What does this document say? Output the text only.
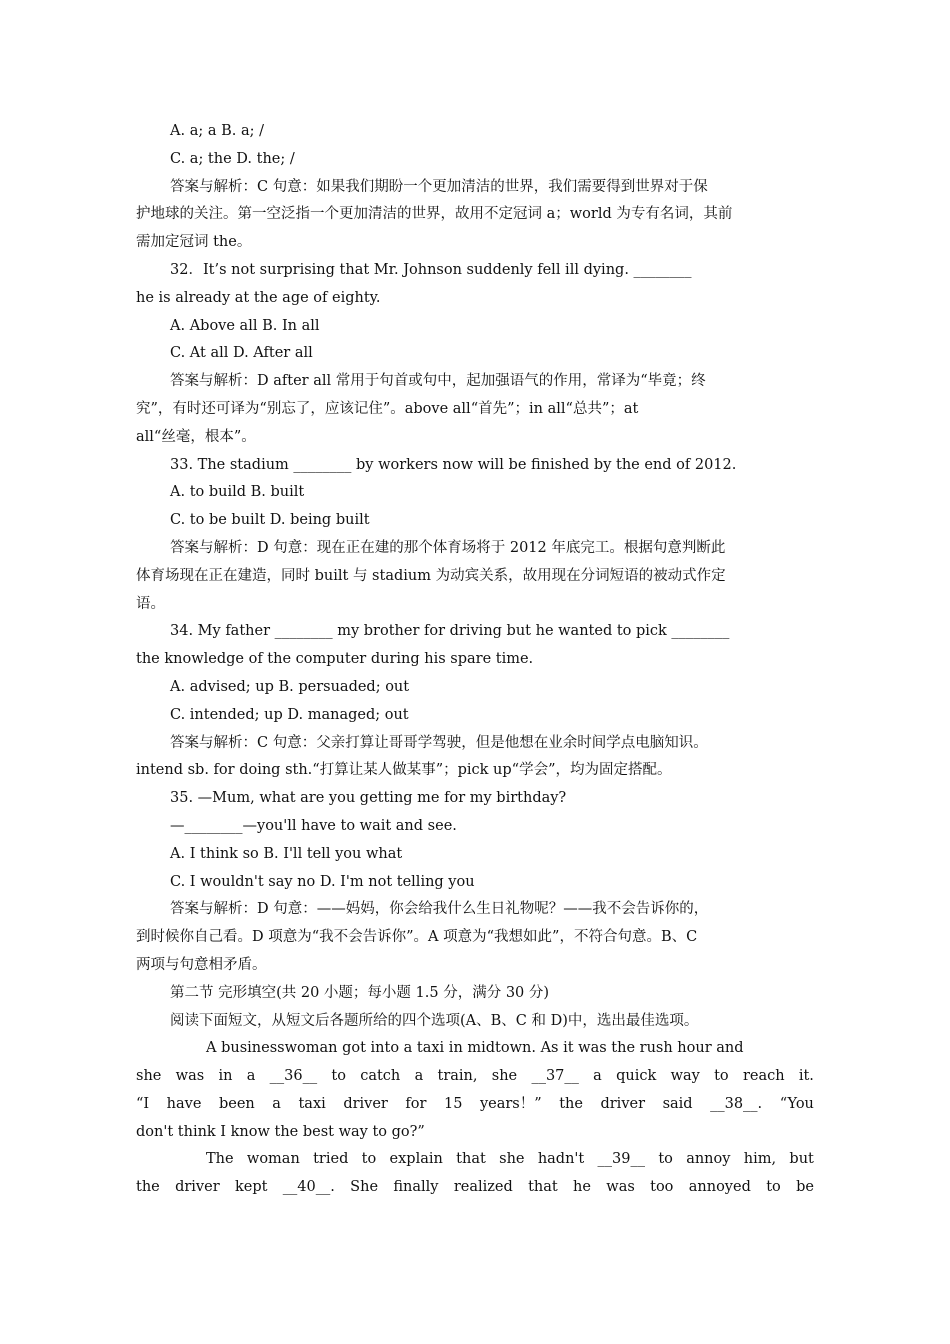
A. a; a B. a; /
C. a; the D. the; /
答案与解析：C 句意：如果我们期盼一个更加清洁的世界，我们需要得到世界对于保
护地球的关注。第一空泛指一个更加清洁的世界，故用不定冠词 a；world 为专有名词，其前
需加定冠词 the。
32．It’s not surprising that Mr. Johnson suddenly fell ill dying. ________
he is already at the age of eighty.
A. Above all B. In all
C. At all D. After all
答案与解析：D after all 常用于句首或句中，起加强语气的作用，常译为“毕竟；终
究”，有时还可译为“别忘了，应该记住”。above all“首先”；in all“总共”；at
all“丝毫，根本”。
33. The stadium ________ by workers now will be finished by the end of 2012.
A. to build B. built
C. to be built D. being built
答案与解析：D 句意：现在正在建的那个体育场将于 2012 年底完工。根据句意判断此
体育场现在正在建造，同时 built 与 stadium 为动宾关系，故用现在分词短语的被动式作定
语。
34. My father ________ my brother for driving but he wanted to pick ________
the knowledge of the computer during his spare time.
A. advised; up B. persuaded; out
C. intended; up D. managed; out
答案与解析：C 句意：父亲打算让哥哥学驾驶，但是他想在业余时间学点电脑知识。
intend sb. for doing sth.“打算让某人做某事”；pick up“学会”，均为固定搭配。
35. —Mum, what are you getting me for my birthday?
—________—you'll have to wait and see.
A. I think so B. I'll tell you what
C. I wouldn't say no D. I'm not telling you
答案与解析：D 句意：——妈妈，你会给我什么生日礼物呢？——我不会告诉你的，
到时候你自己看。D 项意为“我不会告诉你”。A 项意为“我想如此”，不符合句意。B、C
两项与句意相矛盾。
第二节 完形填空(共 20 小题；每小题 1.5 分，满分 30 分)
阅读下面短文，从短文后各题所给的四个选项(A、B、C 和 D)中，选出最佳选项。
A businesswoman got into a taxi in midtown. As it was the rush hour and
she was in a __36__ to catch a train, she __37__ a quick way to reach it.
“I have been a taxi driver for 15 years！” the driver said __38__. “You
don't think I know the best way to go?”
The woman tried to explain that she hadn't __39__ to annoy him, but
the driver kept __40__. She finally realized that he was too annoyed to be
